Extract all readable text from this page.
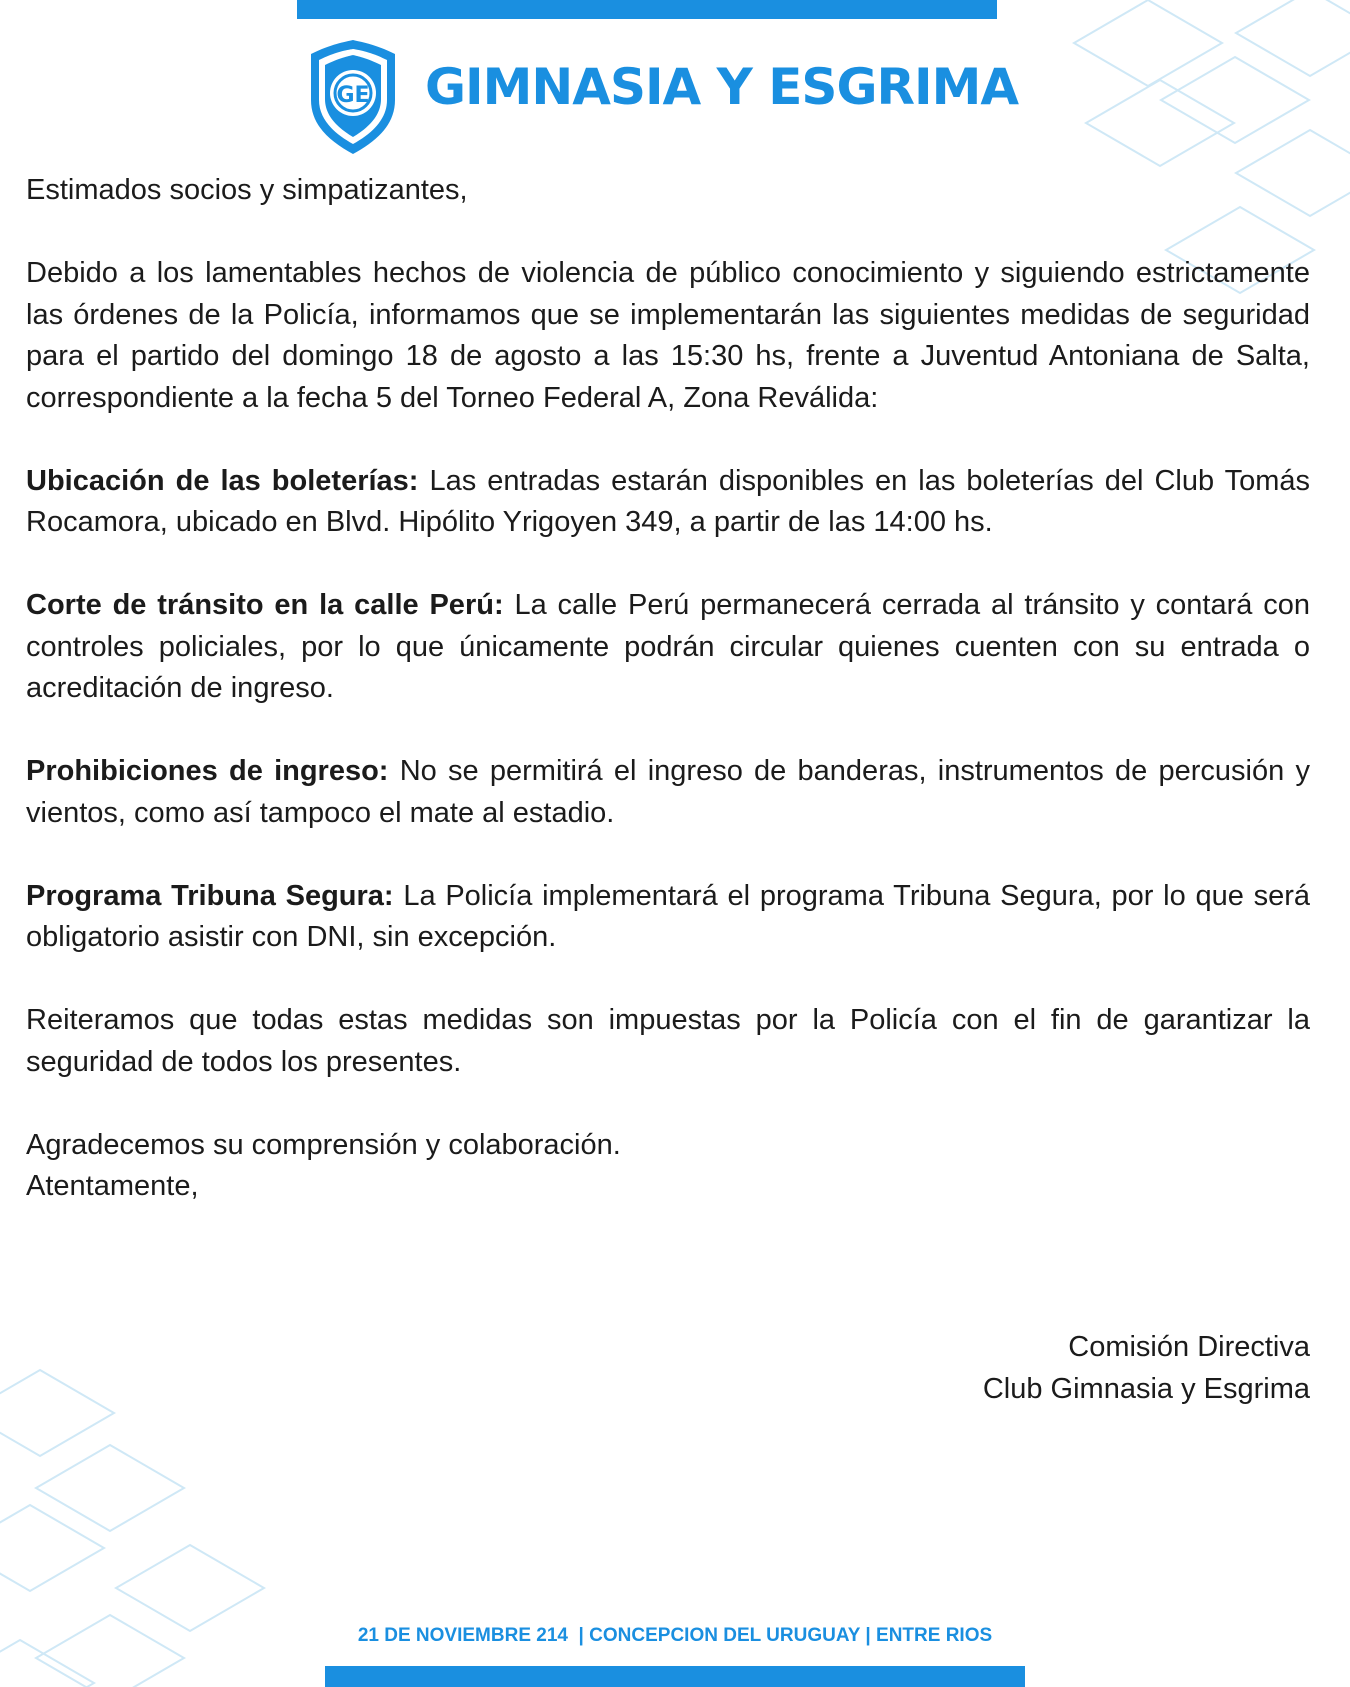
GE GIMNASIA Y ESGRIMA

Estimados socios y simpatizantes,

Debido a los lamentables hechos de violencia de público conocimiento y siguiendo estrictamente las órdenes de la Policía, informamos que se implementarán las siguientes medidas de seguridad para el partido del domingo 18 de agosto a las 15:30 hs, frente a Juventud Antoniana de Salta, correspondiente a la fecha 5 del Torneo Federal A, Zona Reválida:

Ubicación de las boleterías: Las entradas estarán disponibles en las boleterías del Club Tomás Rocamora, ubicado en Blvd. Hipólito Yrigoyen 349, a partir de las 14:00 hs.

Corte de tránsito en la calle Perú: La calle Perú permanecerá cerrada al tránsito y contará con controles policiales, por lo que únicamente podrán circular quienes cuenten con su entrada o acreditación de ingreso.

Prohibiciones de ingreso: No se permitirá el ingreso de banderas, instrumentos de percusión y vientos, como así tampoco el mate al estadio.

Programa Tribuna Segura: La Policía implementará el programa Tribuna Segura, por lo que será obligatorio asistir con DNI, sin excepción.

Reiteramos que todas estas medidas son impuestas por la Policía con el fin de garantizar la seguridad de todos los presentes.

Agradecemos su comprensión y colaboración.

Atentamente,

Comisión Directiva
Club Gimnasia y Esgrima
21 DE NOVIEMBRE 214 | CONCEPCION DEL URUGUAY | ENTRE RIOS
